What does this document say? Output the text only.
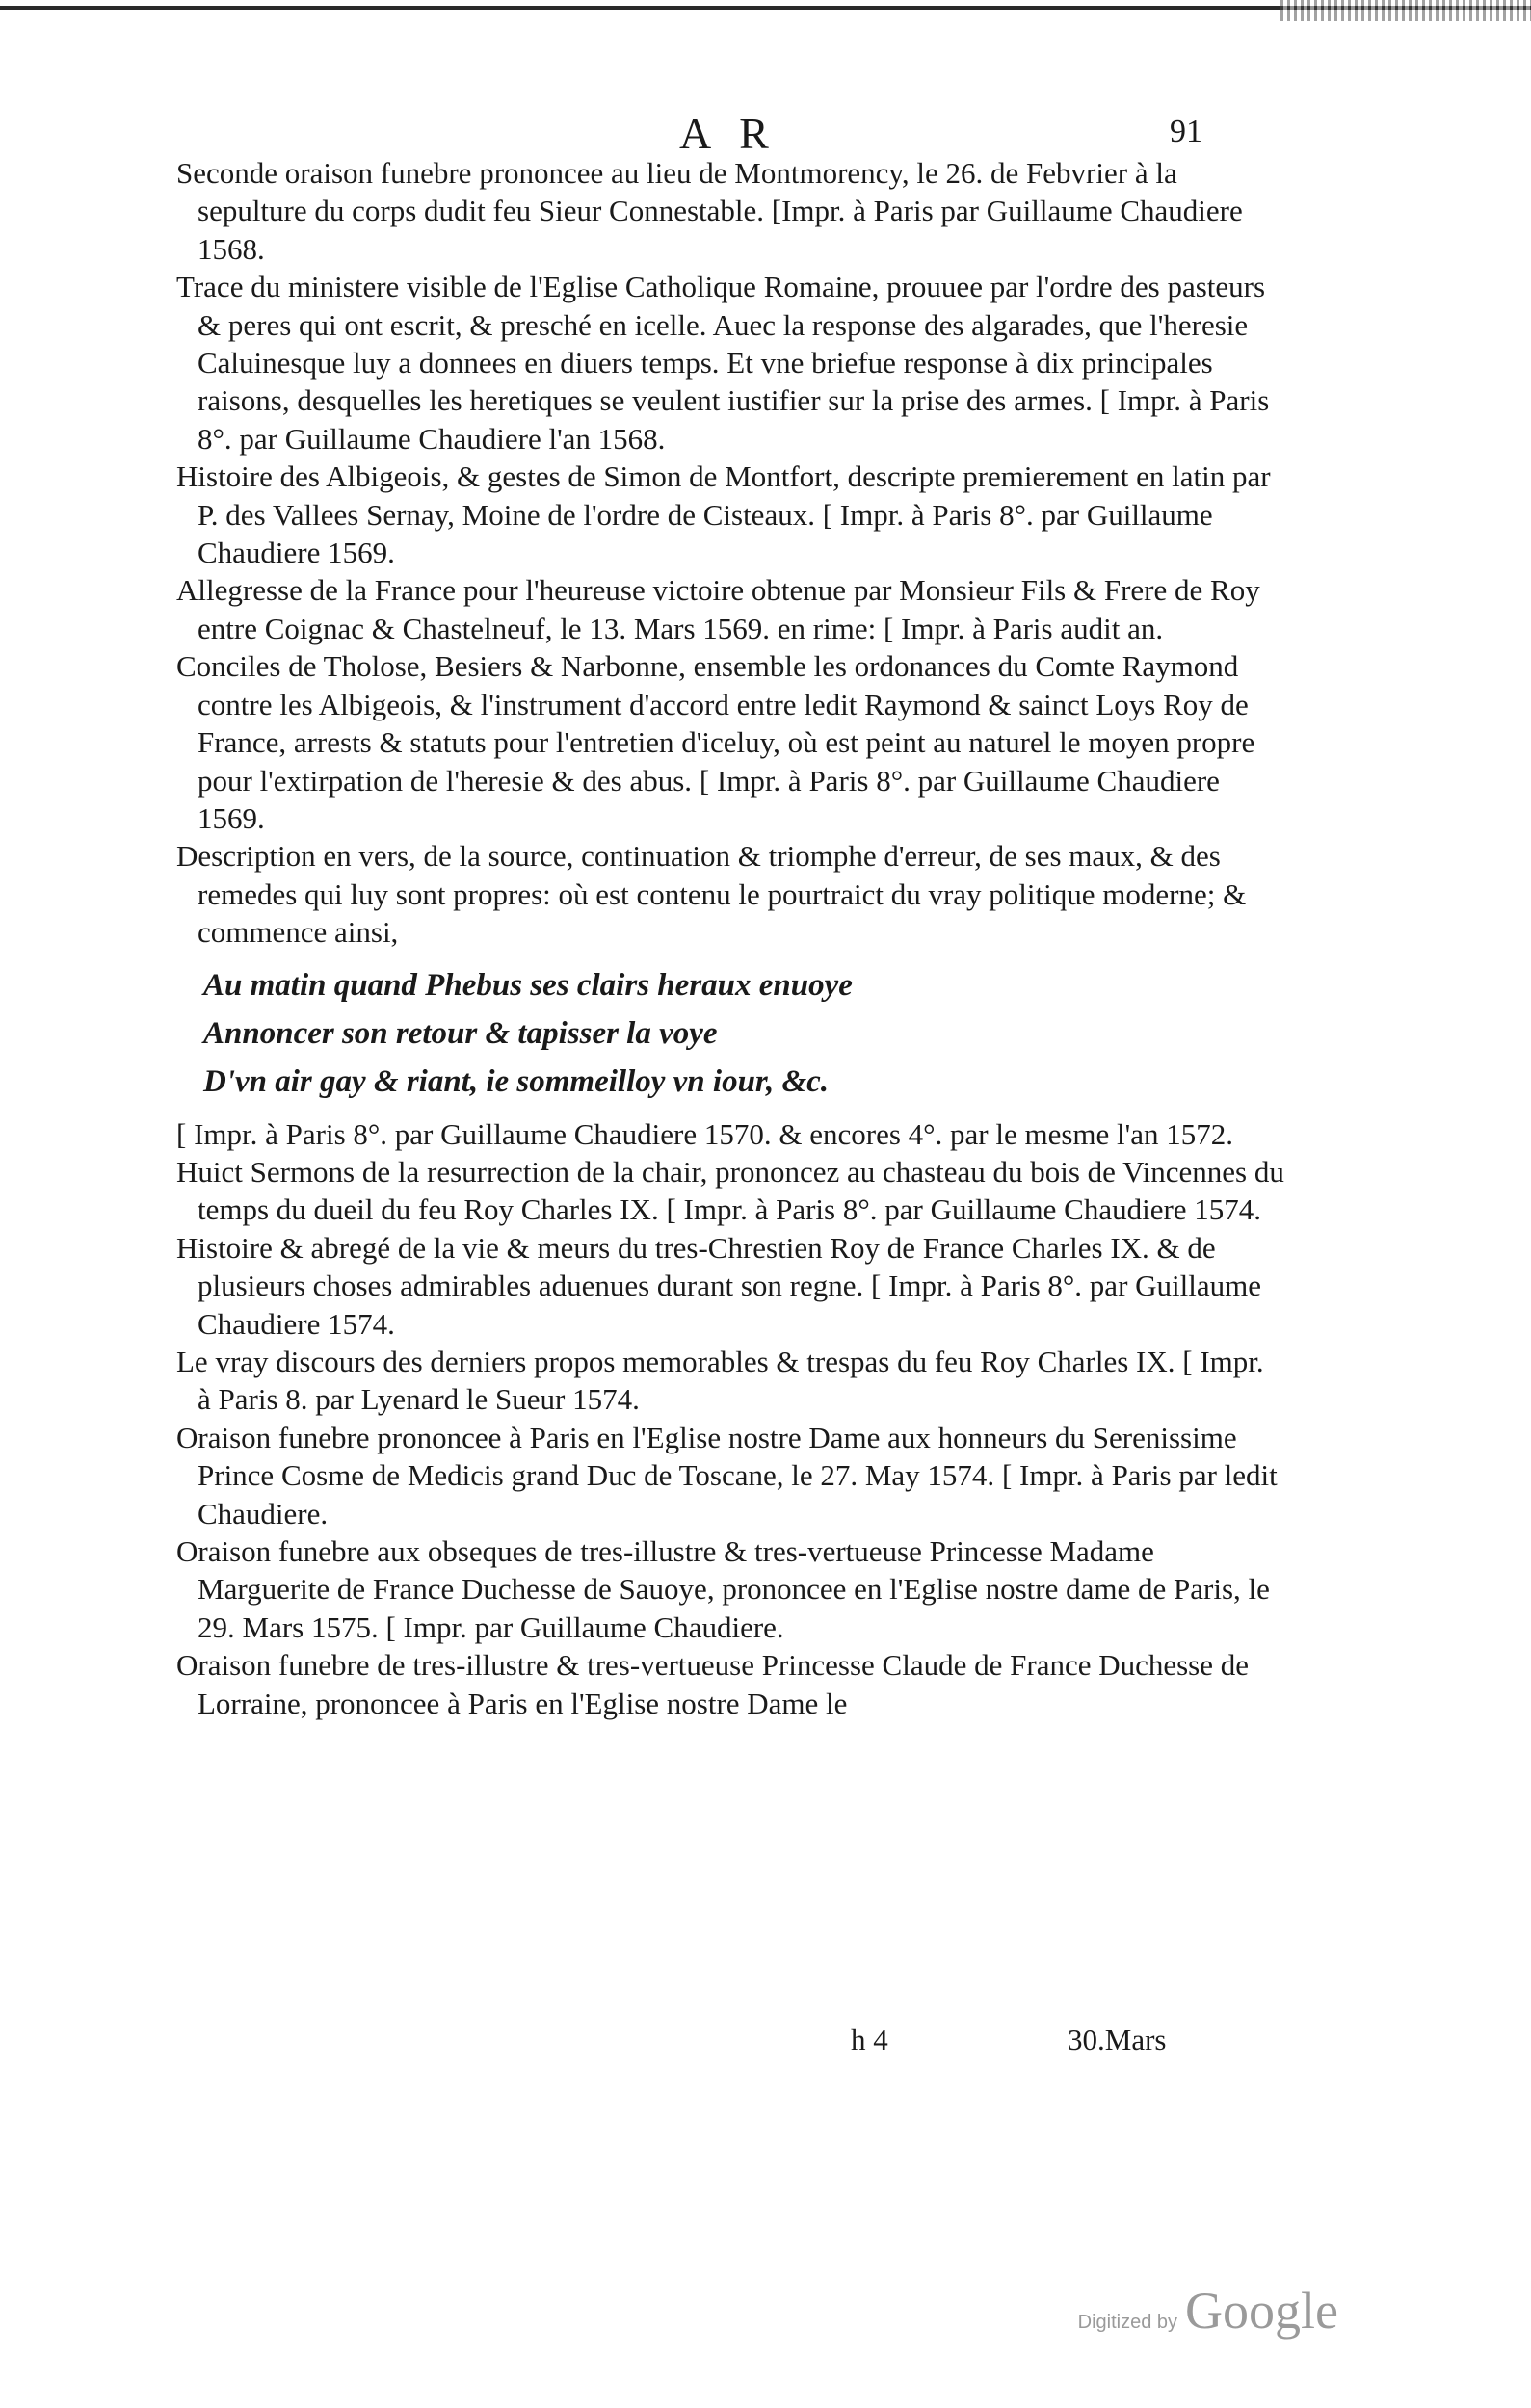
A R	91

Seconde oraison funebre prononcee au lieu de Montmorency, le 26. de Febvrier à la sepulture du corps dudit feu Sieur Connestable. [Impr. à Paris par Guillaume Chaudiere 1568.

Trace du ministere visible de l'Eglise Catholique Romaine, prouuee par l'ordre des pasteurs & peres qui ont escrit, & presché en icelle. Auec la response des algarades, que l'heresie Caluinesque luy a donnees en diuers temps. Et vne briefue response à dix principales raisons, desquelles les heretiques se veulent iustifier sur la prise des armes. [ Impr. à Paris 8°. par Guillaume Chaudiere l'an 1568.

Histoire des Albigeois, & gestes de Simon de Montfort, descripte premierement en latin par P. des Vallees Sernay, Moine de l'ordre de Cisteaux. [ Impr. à Paris 8°. par Guillaume Chaudiere 1569.

Allegresse de la France pour l'heureuse victoire obtenue par Monsieur Fils & Frere de Roy entre Coignac & Chastelneuf, le 13. Mars 1569. en rime: [ Impr. à Paris audit an.

Conciles de Tholose, Besiers & Narbonne, ensemble les ordonances du Comte Raymond contre les Albigeois, & l'instrument d'accord entre ledit Raymond & sainct Loys Roy de France, arrests & statuts pour l'entretien d'iceluy, où est peint au naturel le moyen propre pour l'extirpation de l'heresie & des abus. [ Impr. à Paris 8°. par Guillaume Chaudiere 1569.

Description en vers, de la source, continuation & triomphe d'erreur, de ses maux, & des remedes qui luy sont propres: où est contenu le pourtraict du vray politique moderne; & commence ainsi,

Au matin quand Phebus ses clairs heraux enuoye
Annoncer son retour & tapisser la voye
D'vn air gay & riant, ie sommeilloy vn iour, &c.

[ Impr. à Paris 8°. par Guillaume Chaudiere 1570. & encores 4°. par le mesme l'an 1572.

Huict Sermons de la resurrection de la chair, prononcez au chasteau du bois de Vincennes du temps du dueil du feu Roy Charles IX. [ Impr. à Paris 8°. par Guillaume Chaudiere 1574.

Histoire & abregé de la vie & meurs du tres-Chrestien Roy de France Charles IX. & de plusieurs choses admirables aduenues durant son regne. [ Impr. à Paris 8°. par Guillaume Chaudiere 1574.

Le vray discours des derniers propos memorables & trespas du feu Roy Charles IX. [ Impr. à Paris 8. par Lyenard le Sueur 1574.

Oraison funebre prononcee à Paris en l'Eglise nostre Dame aux honneurs du Serenissime Prince Cosme de Medicis grand Duc de Toscane, le 27. May 1574. [ Impr. à Paris par ledit Chaudiere.

Oraison funebre aux obseques de tres-illustre & tres-vertueuse Princesse Madame Marguerite de France Duchesse de Sauoye, prononcee en l'Eglise nostre dame de Paris, le 29. Mars 1575. [ Impr. par Guillaume Chaudiere.

Oraison funebre de tres-illustre & tres-vertueuse Princesse Claude de France Duchesse de Lorraine, prononcee à Paris en l'Eglise nostre Dame le

h 4	30.Mars
Digitized by Google
